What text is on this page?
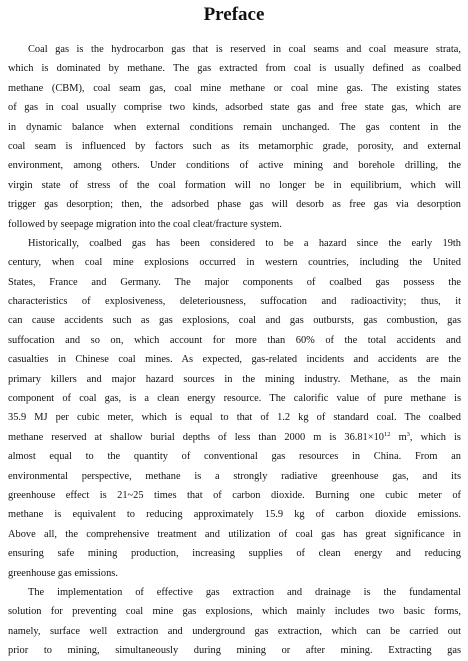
Preface
Coal gas is the hydrocarbon gas that is reserved in coal seams and coal measure strata,
which is dominated by methane. The gas extracted from coal is usually defined as coalbed
methane (CBM), coal seam gas, coal mine methane or coal mine gas. The existing states
of gas in coal usually comprise two kinds, adsorbed state gas and free state gas, which are
in dynamic balance when external conditions remain unchanged. The gas content in the
coal seam is influenced by factors such as its metamorphic grade, porosity, and external
environment, among others. Under conditions of active mining and borehole drilling, the
virgin state of stress of the coal formation will no longer be in equilibrium, which will
trigger gas desorption; then, the adsorbed phase gas will desorb as free gas via desorption
followed by seepage migration into the coal cleat/fracture system.
Historically, coalbed gas has been considered to be a hazard since the early 19th
century, when coal mine explosions occurred in western countries, including the United
States, France and Germany. The major components of coalbed gas possess the
characteristics of explosiveness, deleteriousness, suffocation and radioactivity; thus, it
can cause accidents such as gas explosions, coal and gas outbursts, gas combustion, gas
suffocation and so on, which account for more than 60% of the total accidents and
casualties in Chinese coal mines. As expected, gas-related incidents and accidents are the
primary killers and major hazard sources in the mining industry. Methane, as the main
component of coal gas, is a clean energy resource. The calorific value of pure methane is
35.9 MJ per cubic meter, which is equal to that of 1.2 kg of standard coal. The coalbed
methane reserved at shallow burial depths of less than 2000 m is $36.81\times 10^{12}$ $m^3$, which is
almost equal to the quantity of conventional gas resources in China. From an
environmental perspective, methane is a strongly radiative greenhouse gas, and its
greenhouse effect is 21~25 times that of carbon dioxide. Burning one cubic meter of
methane is equivalent to reducing approximately 15.9 kg of carbon dioxide emissions.
Above all, the comprehensive treatment and utilization of coal gas has great significance in
ensuring safe mining production, increasing supplies of clean energy and reducing
greenhouse gas emissions.
The implementation of effective gas extraction and drainage is the fundamental
solution for preventing coal mine gas explosions, which mainly includes two basic forms,
namely, surface well extraction and underground gas extraction, which can be carried out
prior to mining, simultaneously during mining or after mining. Extracting gas
